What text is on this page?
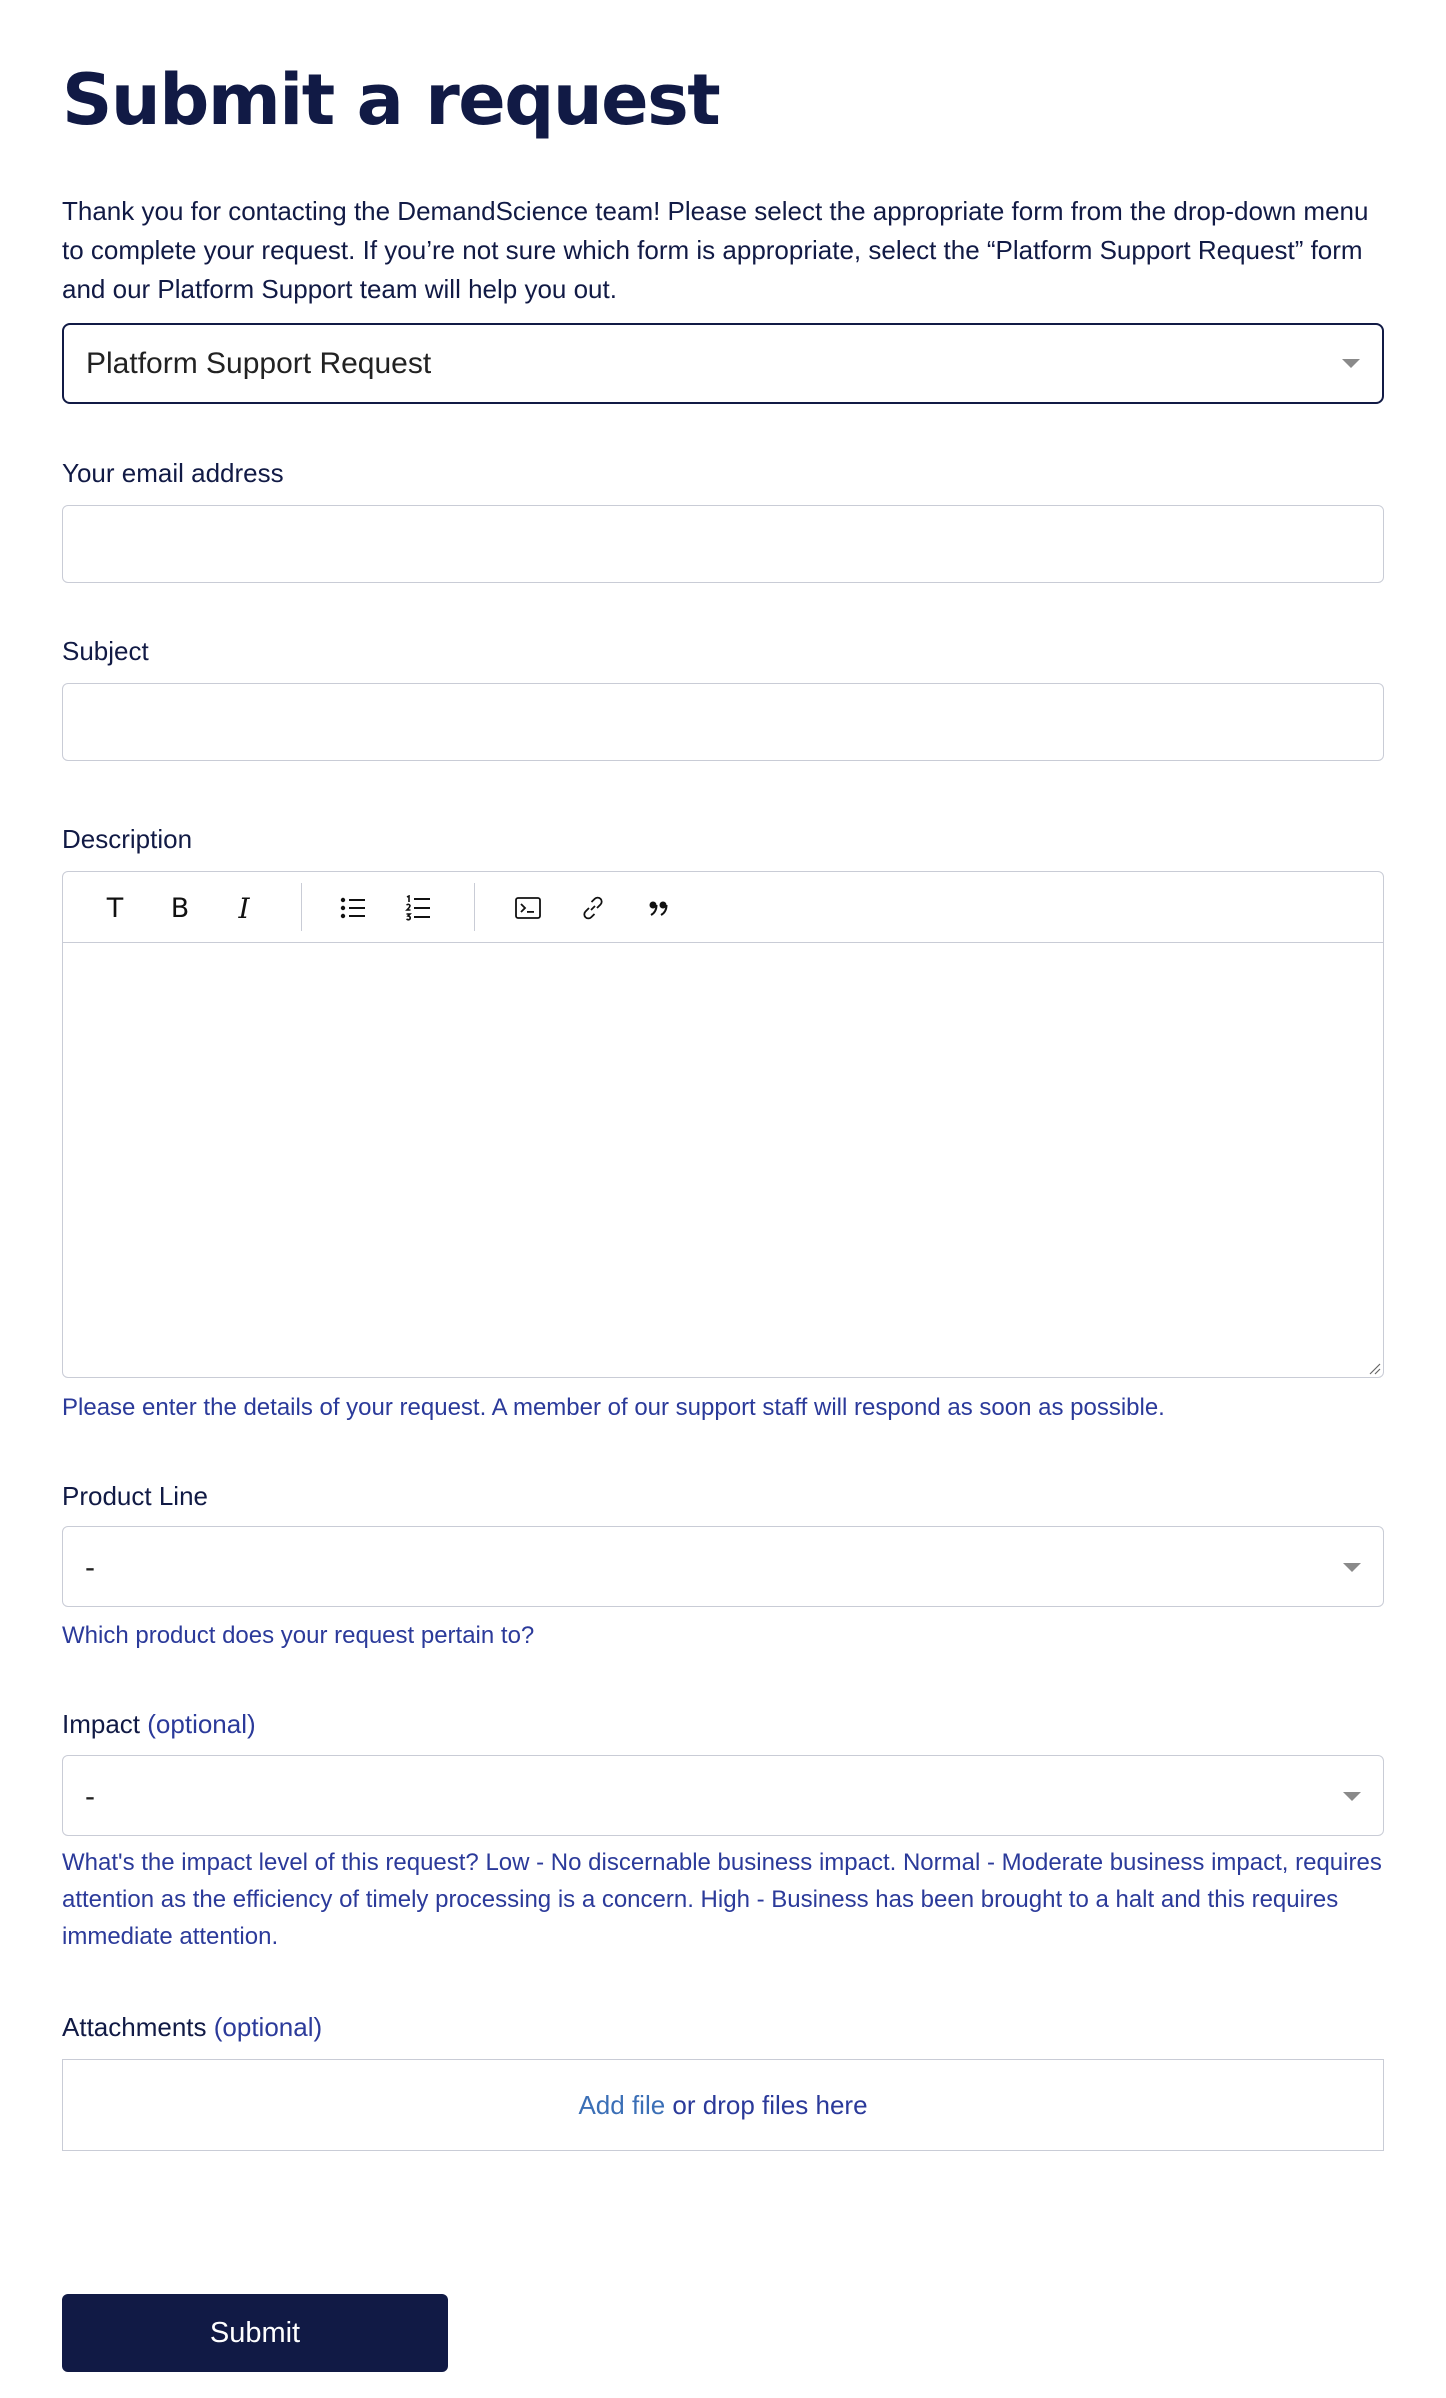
Submit a request

Thank you for contacting the DemandScience team! Please select the appropriate form from the drop-down menu to complete your request. If you’re not sure which form is appropriate, select the “Platform Support Request” form and our Platform Support team will help you out.

Platform Support Request
Your email address
Subject
Description
T B I
Please enter the details of your request. A member of our support staff will respond as soon as possible.
Product Line
-
Which product does your request pertain to?
Impact (optional)
-
What's the impact level of this request? Low - No discernable business impact. Normal - Moderate business impact, requires attention as the efficiency of timely processing is a concern. High - Business has been brought to a halt and this requires immediate attention.
Attachments (optional)
Add file or drop files here
Submit
